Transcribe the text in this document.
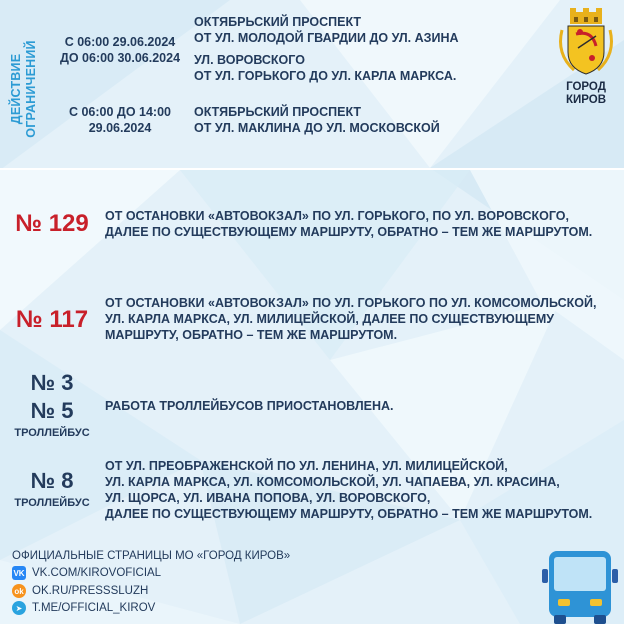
ДЕЙСТВИЕ ОГРАНИЧЕНИЙ	С 06:00 29.06.2024
ДО 06:00 30.06.2024
ОКТЯБРЬСКИЙ ПРОСПЕКТ
ОТ УЛ. МОЛОДОЙ ГВАРДИИ ДО УЛ. АЗИНА
УЛ. ВОРОВСКОГО
ОТ УЛ. ГОРЬКОГО ДО УЛ. КАРЛА МАРКСА.
С 06:00 ДО 14:00
29.06.2024
ОКТЯБРЬСКИЙ ПРОСПЕКТ
ОТ УЛ. МАКЛИНА ДО УЛ. МОСКОВСКОЙ
ГОРОД
КИРОВ
№ 129 ОТ ОСТАНОВКИ «АВТОВОКЗАЛ» ПО УЛ. ГОРЬКОГО, ПО УЛ. ВОРОВСКОГО,
ДАЛЕЕ ПО СУЩЕСТВУЮЩЕМУ МАРШРУТУ, ОБРАТНО – ТЕМ ЖЕ МАРШРУТОМ.
№ 117
ОТ ОСТАНОВКИ «АВТОВОКЗАЛ» ПО УЛ. ГОРЬКОГО ПО УЛ. КОМСОМОЛЬСКОЙ,
УЛ. КАРЛА МАРКСА, УЛ. МИЛИЦЕЙСКОЙ, ДАЛЕЕ ПО СУЩЕСТВУЮЩЕМУ
МАРШРУТУ, ОБРАТНО – ТЕМ ЖЕ МАРШРУТОМ.
№ 3
№ 5
ТРОЛЛЕЙБУС
РАБОТА ТРОЛЛЕЙБУСОВ ПРИОСТАНОВЛЕНА.
№ 8
ТРОЛЛЕЙБУС
ОТ УЛ. ПРЕОБРАЖЕНСКОЙ ПО УЛ. ЛЕНИНА, УЛ. МИЛИЦЕЙСКОЙ,
УЛ. КАРЛА МАРКСА, УЛ. КОМСОМОЛЬСКОЙ, УЛ. ЧАПАЕВА, УЛ. КРАСИНА,
УЛ. ЩОРСА, УЛ. ИВАНА ПОПОВА, УЛ. ВОРОВСКОГО,
ДАЛЕЕ ПО СУЩЕСТВУЮЩЕМУ МАРШРУТУ, ОБРАТНО – ТЕМ ЖЕ МАРШРУТОМ.
ОФИЦИАЛЬНЫЕ СТРАНИЦЫ МО «ГОРОД КИРОВ»
VK VK.COM/KIROVOFICIAL
ok OK.RU/PRESSSLUZH
➤ T.ME/OFFICIAL_KIROV
